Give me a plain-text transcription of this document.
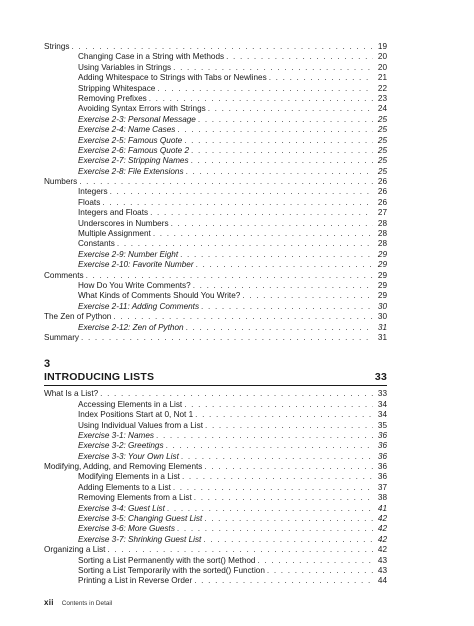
Strings . . .	19
Changing Case in a String with Methods . . .	20
Using Variables in Strings . . .	20
Adding Whitespace to Strings with Tabs or Newlines . . .	21
Stripping Whitespace . . .	22
Removing Prefixes . . .	23
Avoiding Syntax Errors with Strings . . .	24
Exercise 2-3: Personal Message . . .	25
Exercise 2-4: Name Cases . . .	25
Exercise 2-5: Famous Quote . . .	25
Exercise 2-6: Famous Quote 2 . . .	25
Exercise 2-7: Stripping Names . . .	25
Exercise 2-8: File Extensions . . .	25
Numbers . . .	26
Integers . . .	26
Floats . . .	26
Integers and Floats . . .	27
Underscores in Numbers . . .	28
Multiple Assignment . . .	28
Constants . . .	28
Exercise 2-9: Number Eight . . .	29
Exercise 2-10: Favorite Number . . .	29
Comments . . .	29
How Do You Write Comments? . . .	29
What Kinds of Comments Should You Write? . . .	29
Exercise 2-11: Adding Comments . . .	30
The Zen of Python . . .	30
Exercise 2-12: Zen of Python . . .	31
Summary . . .	31
3
INTRODUCING LISTS	33
What Is a List? . . .	33
Accessing Elements in a List . . .	34
Index Positions Start at 0, Not 1 . . .	34
Using Individual Values from a List . . .	35
Exercise 3-1: Names . . .	36
Exercise 3-2: Greetings . . .	36
Exercise 3-3: Your Own List . . .	36
Modifying, Adding, and Removing Elements . . .	36
Modifying Elements in a List . . .	36
Adding Elements to a List . . .	37
Removing Elements from a List . . .	38
Exercise 3-4: Guest List . . .	41
Exercise 3-5: Changing Guest List . . .	42
Exercise 3-6: More Guests . . .	42
Exercise 3-7: Shrinking Guest List . . .	42
Organizing a List . . .	42
Sorting a List Permanently with the sort() Method . . .	43
Sorting a List Temporarily with the sorted() Function . . .	43
Printing a List in Reverse Order . . .	44
xii Contents in Detail
